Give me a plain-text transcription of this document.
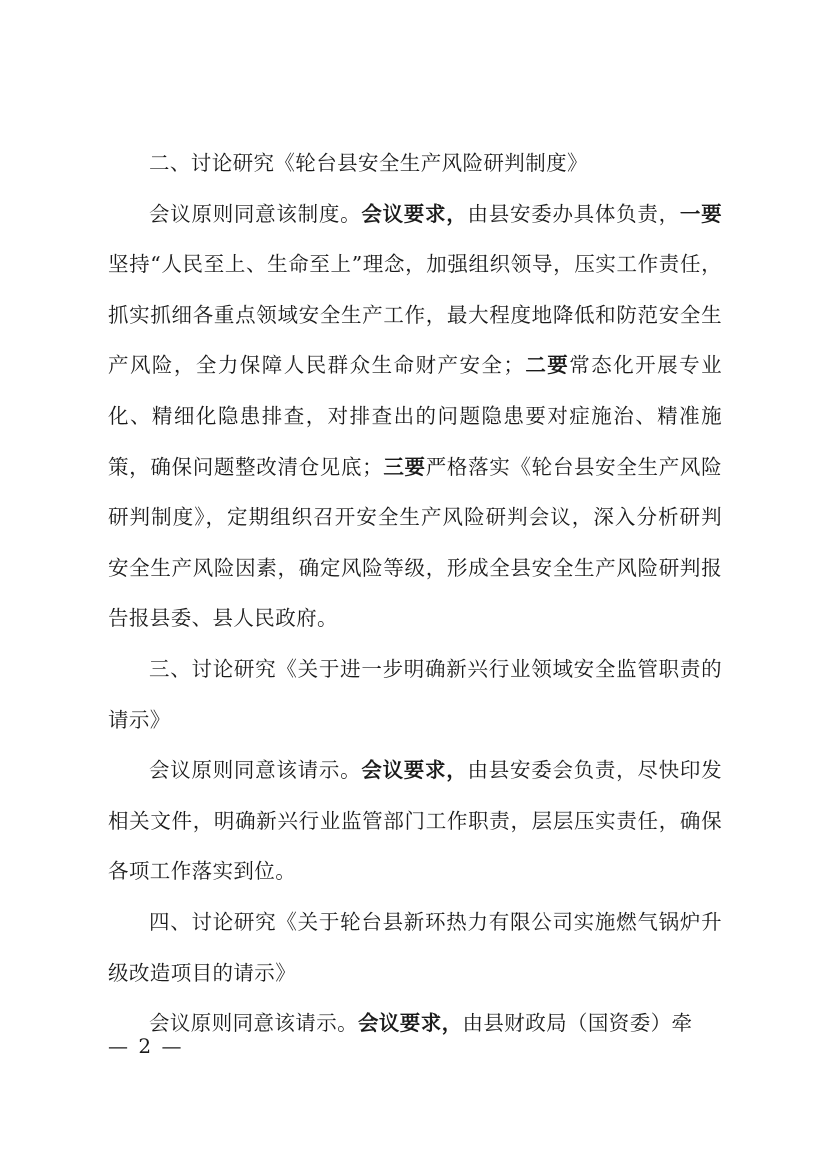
二、讨论研究《轮台县安全生产风险研判制度》

会议原则同意该制度。会议要求，由县安委办具体负责，一要坚持“人民至上、生命至上”理念，加强组织领导，压实工作责任，抓实抓细各重点领域安全生产工作，最大程度地降低和防范安全生产风险，全力保障人民群众生命财产安全；二要常态化开展专业化、精细化隐患排查，对排查出的问题隐患要对症施治、精准施策，确保问题整改清仓见底；三要严格落实《轮台县安全生产风险研判制度》，定期组织召开安全生产风险研判会议，深入分析研判安全生产风险因素，确定风险等级，形成全县安全生产风险研判报告报县委、县人民政府。

三、讨论研究《关于进一步明确新兴行业领域安全监管职责的请示》

会议原则同意该请示。会议要求，由县安委会负责，尽快印发相关文件，明确新兴行业监管部门工作职责，层层压实责任，确保各项工作落实到位。

四、讨论研究《关于轮台县新环热力有限公司实施燃气锅炉升级改造项目的请示》

会议原则同意该请示。会议要求，由县财政局（国资委）牵

— 2 —
